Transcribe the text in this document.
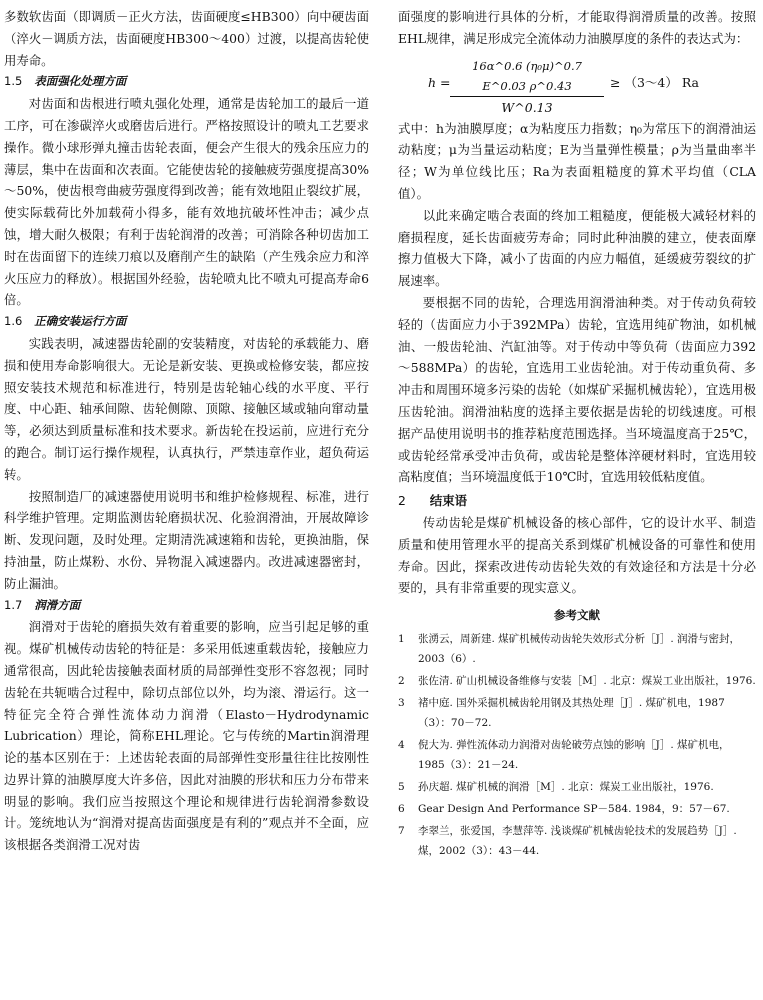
多数软齿面（即调质－正火方法，齿面硬度≤HB300）向中硬齿面（淬火－调质方法，齿面硬度HB300～400）过渡，以提高齿轮使用寿命。

1.5 表面强化处理方面

对齿面和齿根进行喷丸强化处理，通常是齿轮加工的最后一道工序，可在渗碳淬火或磨齿后进行。严格按照设计的喷丸工艺要求操作。微小球形弹丸撞击齿轮表面，便会产生很大的残余压应力的薄层，集中在齿面和次表面。它能使齿轮的接触疲劳强度提高30%～50%，使齿根弯曲疲劳强度得到改善；能有效地阻止裂纹扩展，使实际载荷比外加载荷小得多，能有效地抗破坏性冲击；减少点蚀，增大耐久极限；有利于齿轮润滑的改善；可消除各种切齿加工时在齿面留下的连续刀痕以及磨削产生的缺陷（产生残余应力和淬火压应力的释放）。根据国外经验，齿轮喷丸比不喷丸可提高寿命6倍。

1.6 正确安装运行方面

实践表明，减速器齿轮副的安装精度，对齿轮的承载能力、磨损和使用寿命影响很大。无论是新安装、更换或检修安装，都应按照安装技术规范和标准进行，特别是齿轮轴心线的水平度、平行度、中心距、轴承间隙、齿轮侧隙、顶隙、接触区域或轴向窜动量等，必须达到质量标准和技术要求。新齿轮在投运前，应进行充分的跑合。制订运行操作规程，认真执行，严禁违章作业，超负荷运转。

按照制造厂的减速器使用说明书和维护检修规程、标准，进行科学维护管理。定期监测齿轮磨损状况、化验润滑油，开展故障诊断、发现问题，及时处理。定期清洗减速箱和齿轮，更换油脂，保持油量，防止煤粉、水份、异物混入减速器内。改进减速器密封，防止漏油。

1.7 润滑方面

润滑对于齿轮的磨损失效有着重要的影响，应当引起足够的重视。煤矿机械传动齿轮的特征是：多采用低速重载齿轮，接触应力通常很高，因此轮齿接触表面材质的局部弹性变形不容忽视；同时齿轮在共轭啮合过程中，除切点部位以外，均为滚、滑运行。这一特征完全符合弹性流体动力润滑（Elasto－Hydrodynamic Lubrication）理论，简称EHL理论。它与传统的Martin润滑理论的基本区别在于：上述齿轮表面的局部弹性变形量往往比按刚性边界计算的油膜厚度大许多倍，因此对油膜的形状和压力分布带来明显的影响。我们应当按照这个理论和规律进行齿轮润滑参数设计。笼统地认为“润滑对提高齿面强度是有利的”观点并不全面，应该根据各类润滑工况对齿

面强度的影响进行具体的分析，才能取得润滑质量的改善。按照EHL规律，满足形成完全流体动力油膜厚度的条件的表达式为：

$h = \frac{\text{16α\textasciicircum{}0.6 (η₀μ)\textasciicircum{}0.7 E\textasciicircum{}0.03 ρ\textasciicircum{}0.43}}{W\^{}0.13}$ ≥ （3～4） Ra

式中：h为油膜厚度；α为粘度压力指数；η₀为常压下的润滑油运动粘度；μ为当量运动粘度；E为当量弹性模量；ρ为当量曲率半径；W为单位线比压；Ra为表面粗糙度的算术平均值（CLA值）。

以此来确定啮合表面的终加工粗糙度，便能极大减轻材料的磨损程度，延长齿面疲劳寿命；同时此种油膜的建立，使表面摩擦力值极大下降，减小了齿面的内应力幅值，延缓疲劳裂纹的扩展速率。

要根据不同的齿轮，合理选用润滑油种类。对于传动负荷较轻的（齿面应力小于392MPa）齿轮，宜选用纯矿物油，如机械油、一般齿轮油、汽缸油等。对于传动中等负荷（齿面应力392～588MPa）的齿轮，宜选用工业齿轮油。对于传动重负荷、多冲击和周围环境多污染的齿轮（如煤矿采掘机械齿轮），宜选用极压齿轮油。润滑油粘度的选择主要依据是齿轮的切线速度。可根据产品使用说明书的推荐粘度范围选择。当环境温度高于25℃，或齿轮经常承受冲击负荷，或齿轮是整体淬硬材料时，宜选用较高粘度值；当环境温度低于10℃时，宜选用较低粘度值。

2 结束语

传动齿轮是煤矿机械设备的核心部件，它的设计水平、制造质量和使用管理水平的提高关系到煤矿机械设备的可靠性和使用寿命。因此，探索改进传动齿轮失效的有效途径和方法是十分必要的，具有非常重要的现实意义。

参考文献
1	张湧云，周新建. 煤矿机械传动齿轮失效形式分析［J］. 润滑与密封，2003（6）.
2	张佐清. 矿山机械设备维修与安装［M］. 北京：煤炭工业出版社，1976.
3	褚中庭. 国外采掘机械齿轮用钢及其热处理［J］. 煤矿机电，1987（3）：70－72.
4	倪大为. 弹性流体动力润滑对齿轮破劳点蚀的影响［J］. 煤矿机电，1985（3）：21－24.
5	孙庆超. 煤矿机械的润滑［M］. 北京：煤炭工业出版社，1976.
6	Gear Design And Performance SP－584. 1984，9：57－67.
7	李翠兰，张爱国，李慧萍等. 浅谈煤矿机械齿轮技术的发展趋势［J］. 煤，2002（3）：43－44.
